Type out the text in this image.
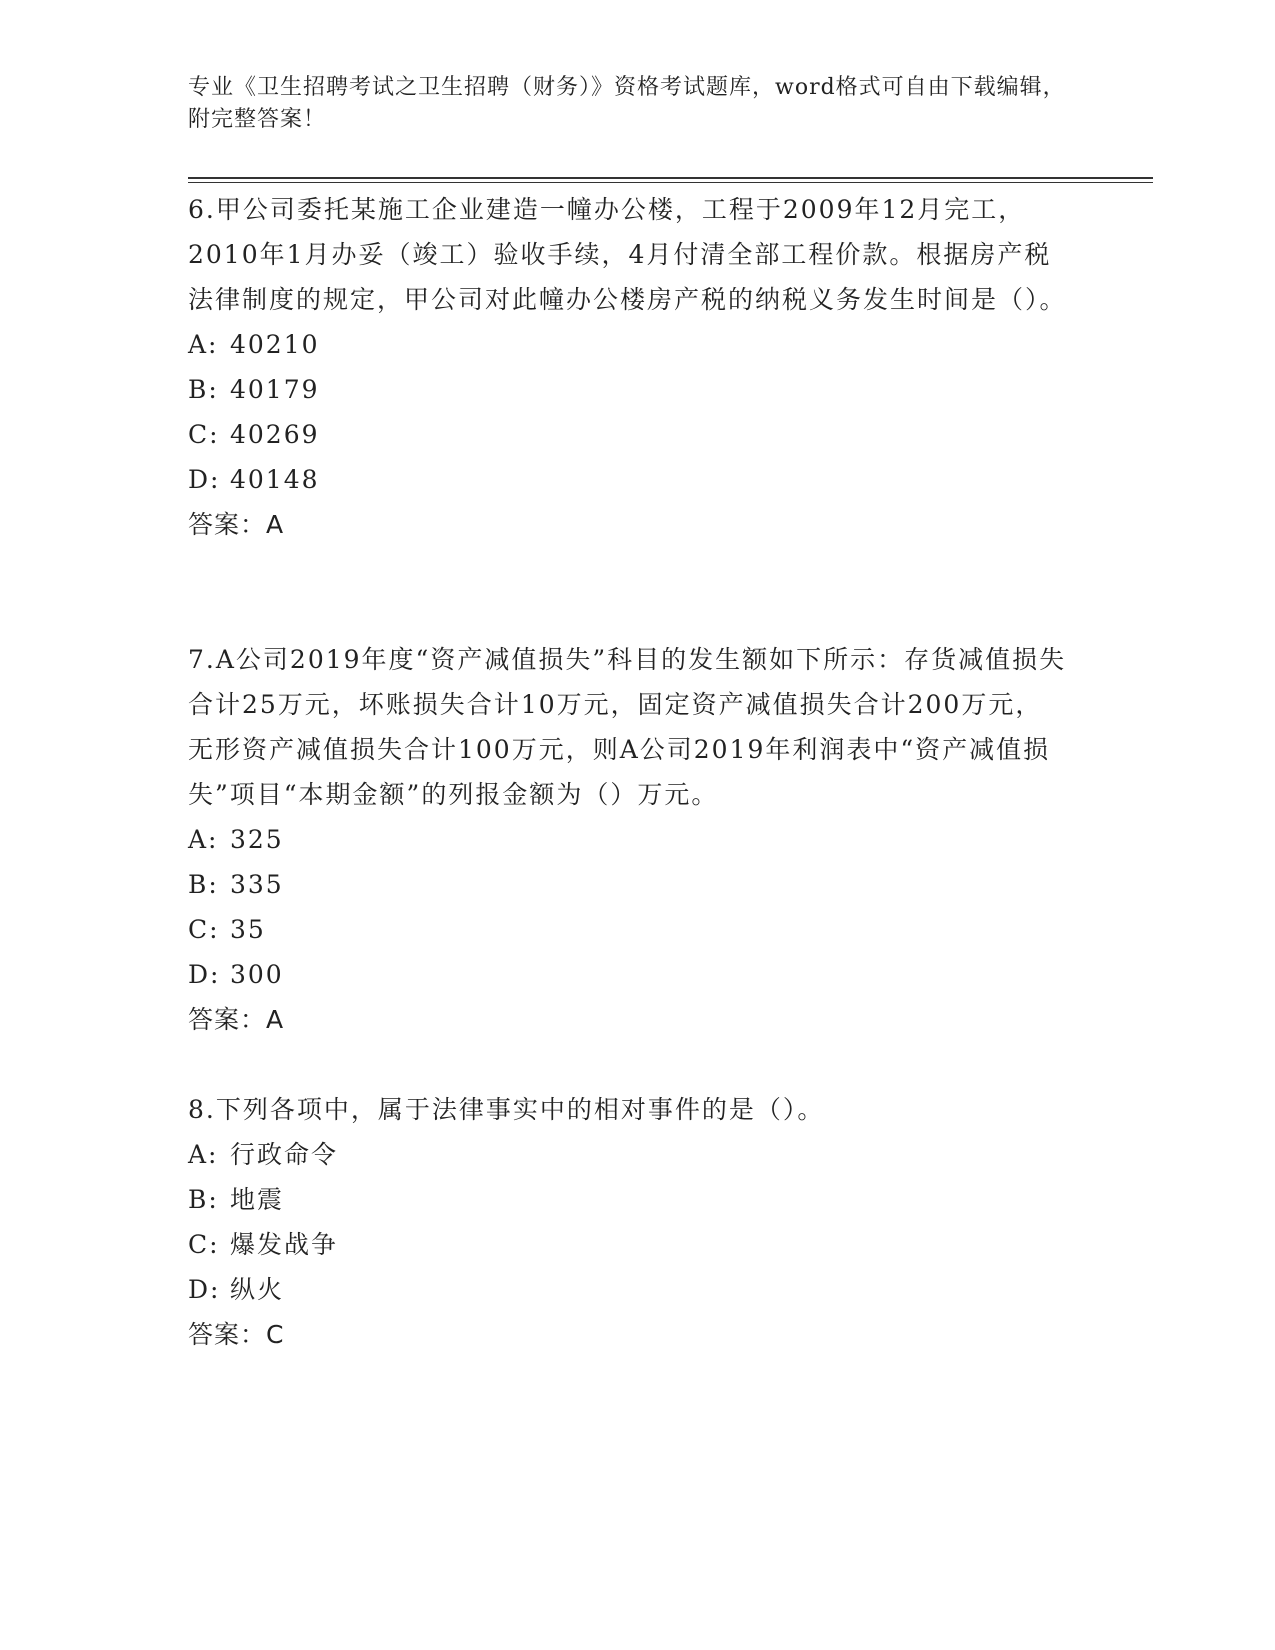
专业《卫生招聘考试之卫生招聘（财务）》资格考试题库，word格式可自由下载编辑，附完整答案！

6.甲公司委托某施工企业建造一幢办公楼，工程于2009年12月完工，2010年1月办妥（竣工）验收手续，4月付清全部工程价款。根据房产税法律制度的规定，甲公司对此幢办公楼房产税的纳税义务发生时间是（）。

A: 40210

B: 40179

C: 40269

D: 40148

答案：A

7.A公司2019年度“资产减值损失”科目的发生额如下所示：存货减值损失合计25万元，坏账损失合计10万元，固定资产减值损失合计200万元，无形资产减值损失合计100万元，则A公司2019年利润表中“资产减值损失”项目“本期金额”的列报金额为（）万元。

A: 325

B: 335

C: 35

D: 300

答案：A

8.下列各项中，属于法律事实中的相对事件的是（）。

A: 行政命令

B: 地震

C: 爆发战争

D: 纵火

答案：C
